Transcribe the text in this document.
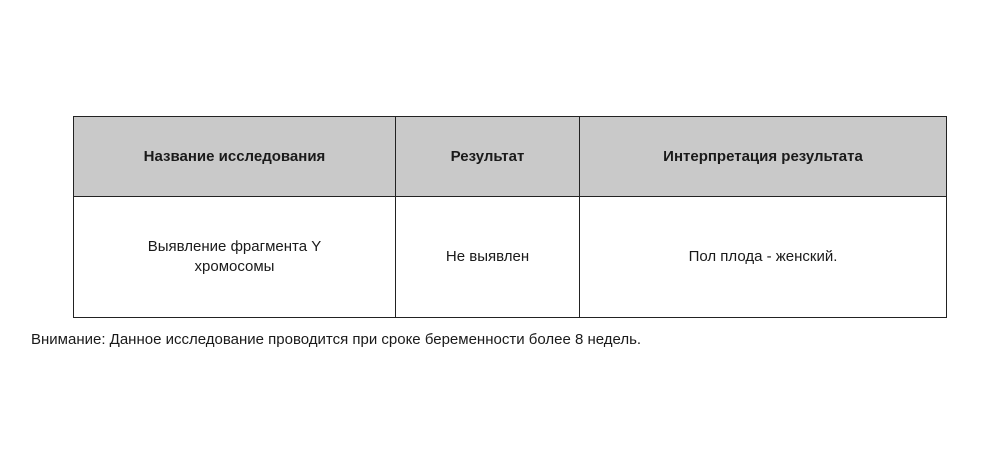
Название исследования	Результат	Интерпретация результата

Выявление фрагмента Y
хромосомы	Не выявлен	Пол плода - женский.
Внимание: Данное исследование проводится при сроке беременности более 8 недель.
